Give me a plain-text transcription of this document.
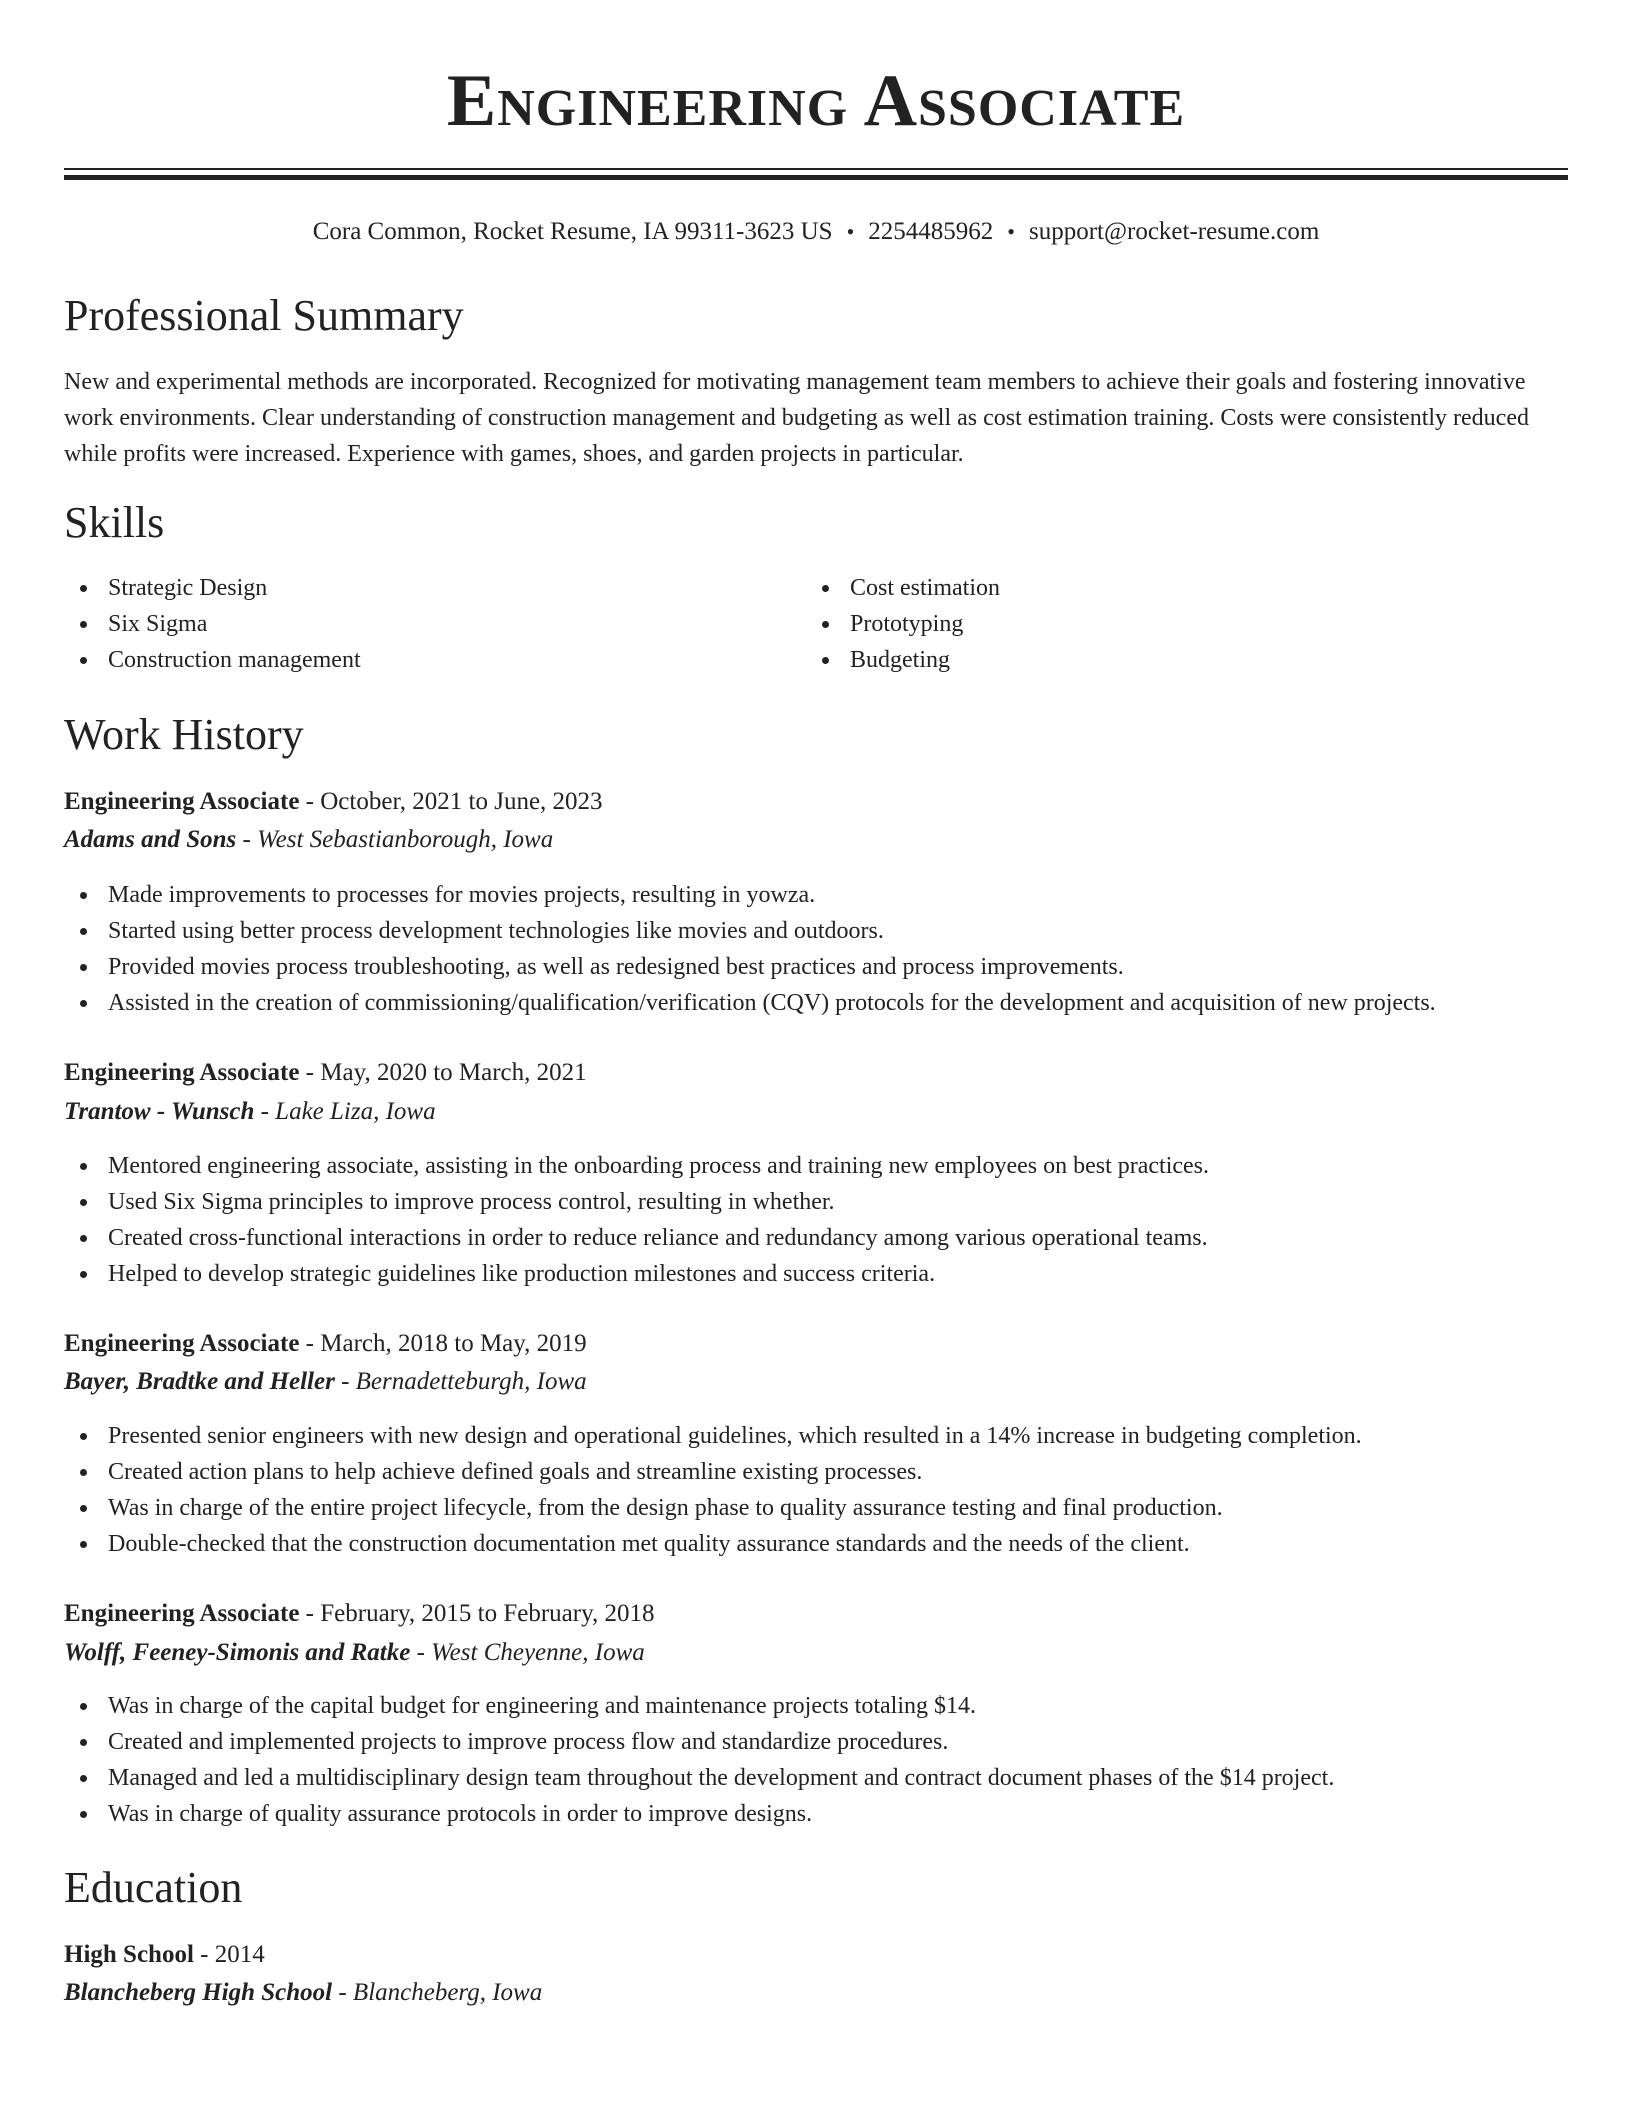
Engineering Associate
Cora Common, Rocket Resume, IA 99311-3623 US • 2254485962 • support@rocket-resume.com
Professional Summary
New and experimental methods are incorporated. Recognized for motivating management team members to achieve their goals and fostering innovative work environments. Clear understanding of construction management and budgeting as well as cost estimation training. Costs were consistently reduced while profits were increased. Experience with games, shoes, and garden projects in particular.
Skills
Strategic Design
Six Sigma
Construction management
Cost estimation
Prototyping
Budgeting
Work History
Engineering Associate - October, 2021 to June, 2023
Adams and Sons - West Sebastianborough, Iowa
Made improvements to processes for movies projects, resulting in yowza.
Started using better process development technologies like movies and outdoors.
Provided movies process troubleshooting, as well as redesigned best practices and process improvements.
Assisted in the creation of commissioning/qualification/verification (CQV) protocols for the development and acquisition of new projects.
Engineering Associate - May, 2020 to March, 2021
Trantow - Wunsch - Lake Liza, Iowa
Mentored engineering associate, assisting in the onboarding process and training new employees on best practices.
Used Six Sigma principles to improve process control, resulting in whether.
Created cross-functional interactions in order to reduce reliance and redundancy among various operational teams.
Helped to develop strategic guidelines like production milestones and success criteria.
Engineering Associate - March, 2018 to May, 2019
Bayer, Bradtke and Heller - Bernadetteburgh, Iowa
Presented senior engineers with new design and operational guidelines, which resulted in a 14% increase in budgeting completion.
Created action plans to help achieve defined goals and streamline existing processes.
Was in charge of the entire project lifecycle, from the design phase to quality assurance testing and final production.
Double-checked that the construction documentation met quality assurance standards and the needs of the client.
Engineering Associate - February, 2015 to February, 2018
Wolff, Feeney-Simonis and Ratke - West Cheyenne, Iowa
Was in charge of the capital budget for engineering and maintenance projects totaling $14.
Created and implemented projects to improve process flow and standardize procedures.
Managed and led a multidisciplinary design team throughout the development and contract document phases of the $14 project.
Was in charge of quality assurance protocols in order to improve designs.
Education
High School - 2014
Blancheberg High School - Blancheberg, Iowa
